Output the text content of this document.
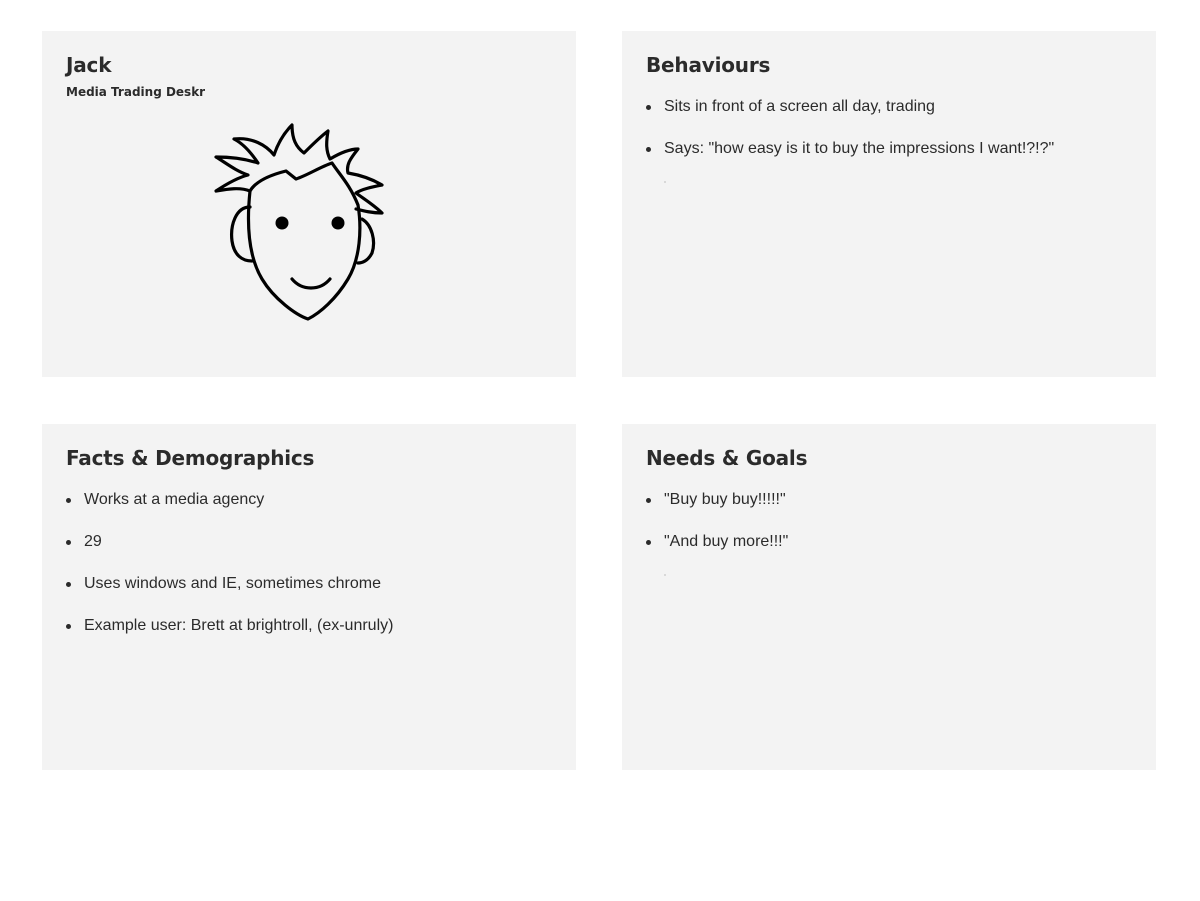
Jack
Media Trading Deskr
Behaviours
Sits in front of a screen all day, trading
Says: "how easy is it to buy the impressions I want!?!?"
Facts & Demographics
Works at a media agency
29
Uses windows and IE, sometimes chrome
Example user: Brett at brightroll, (ex-unruly)
Needs & Goals
"Buy buy buy!!!!!"
"And buy more!!!"
